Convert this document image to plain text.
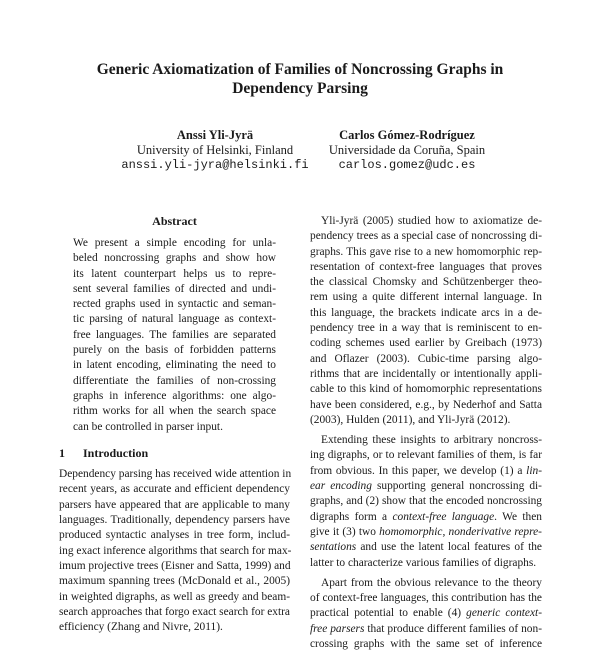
Generic Axiomatization of Families of Noncrossing Graphs in
Dependency Parsing
Anssi Yli-Jyrä
University of Helsinki, Finland
anssi.yli-jyra@helsinki.fi
Carlos Gómez-Rodríguez
Universidade da Coruña, Spain
carlos.gomez@udc.es
Abstract
We present a simple encoding for unla-
beled noncrossing graphs and show how
its latent counterpart helps us to repre-
sent several families of directed and undi-
rected graphs used in syntactic and seman-
tic parsing of natural language as context-
free languages. The families are separated
purely on the basis of forbidden patterns
in latent encoding, eliminating the need to
differentiate the families of non-crossing
graphs in inference algorithms: one algo-
rithm works for all when the search space
can be controlled in parser input.
1 Introduction
Dependency parsing has received wide attention in
recent years, as accurate and efficient dependency
parsers have appeared that are applicable to many
languages. Traditionally, dependency parsers have
produced syntactic analyses in tree form, includ-
ing exact inference algorithms that search for max-
imum projective trees (Eisner and Satta, 1999) and
maximum spanning trees (McDonald et al., 2005)
in weighted digraphs, as well as greedy and beam-
search approaches that forgo exact search for extra
efficiency (Zhang and Nivre, 2011).
Yli-Jyrä (2005) studied how to axiomatize de-
pendency trees as a special case of noncrossing di-
graphs. This gave rise to a new homomorphic rep-
resentation of context-free languages that proves
the classical Chomsky and Schützenberger theo-
rem using a quite different internal language. In
this language, the brackets indicate arcs in a de-
pendency tree in a way that is reminiscent to en-
coding schemes used earlier by Greibach (1973)
and Oflazer (2003). Cubic-time parsing algo-
rithms that are incidentally or intentionally appli-
cable to this kind of homomorphic representations
have been considered, e.g., by Nederhof and Satta
(2003), Hulden (2011), and Yli-Jyrä (2012).
Extending these insights to arbitrary noncross-
ing digraphs, or to relevant families of them, is far
from obvious. In this paper, we develop (1) a lin-
ear encoding supporting general noncrossing di-
graphs, and (2) show that the encoded noncrossing
digraphs form a context-free language. We then
give it (3) two homomorphic, nonderivative repre-
sentations and use the latent local features of the
latter to characterize various families of digraphs.
Apart from the obvious relevance to the theory
of context-free languages, this contribution has the
practical potential to enable (4) generic context-
free parsers that produce different families of non-
crossing graphs with the same set of inference
